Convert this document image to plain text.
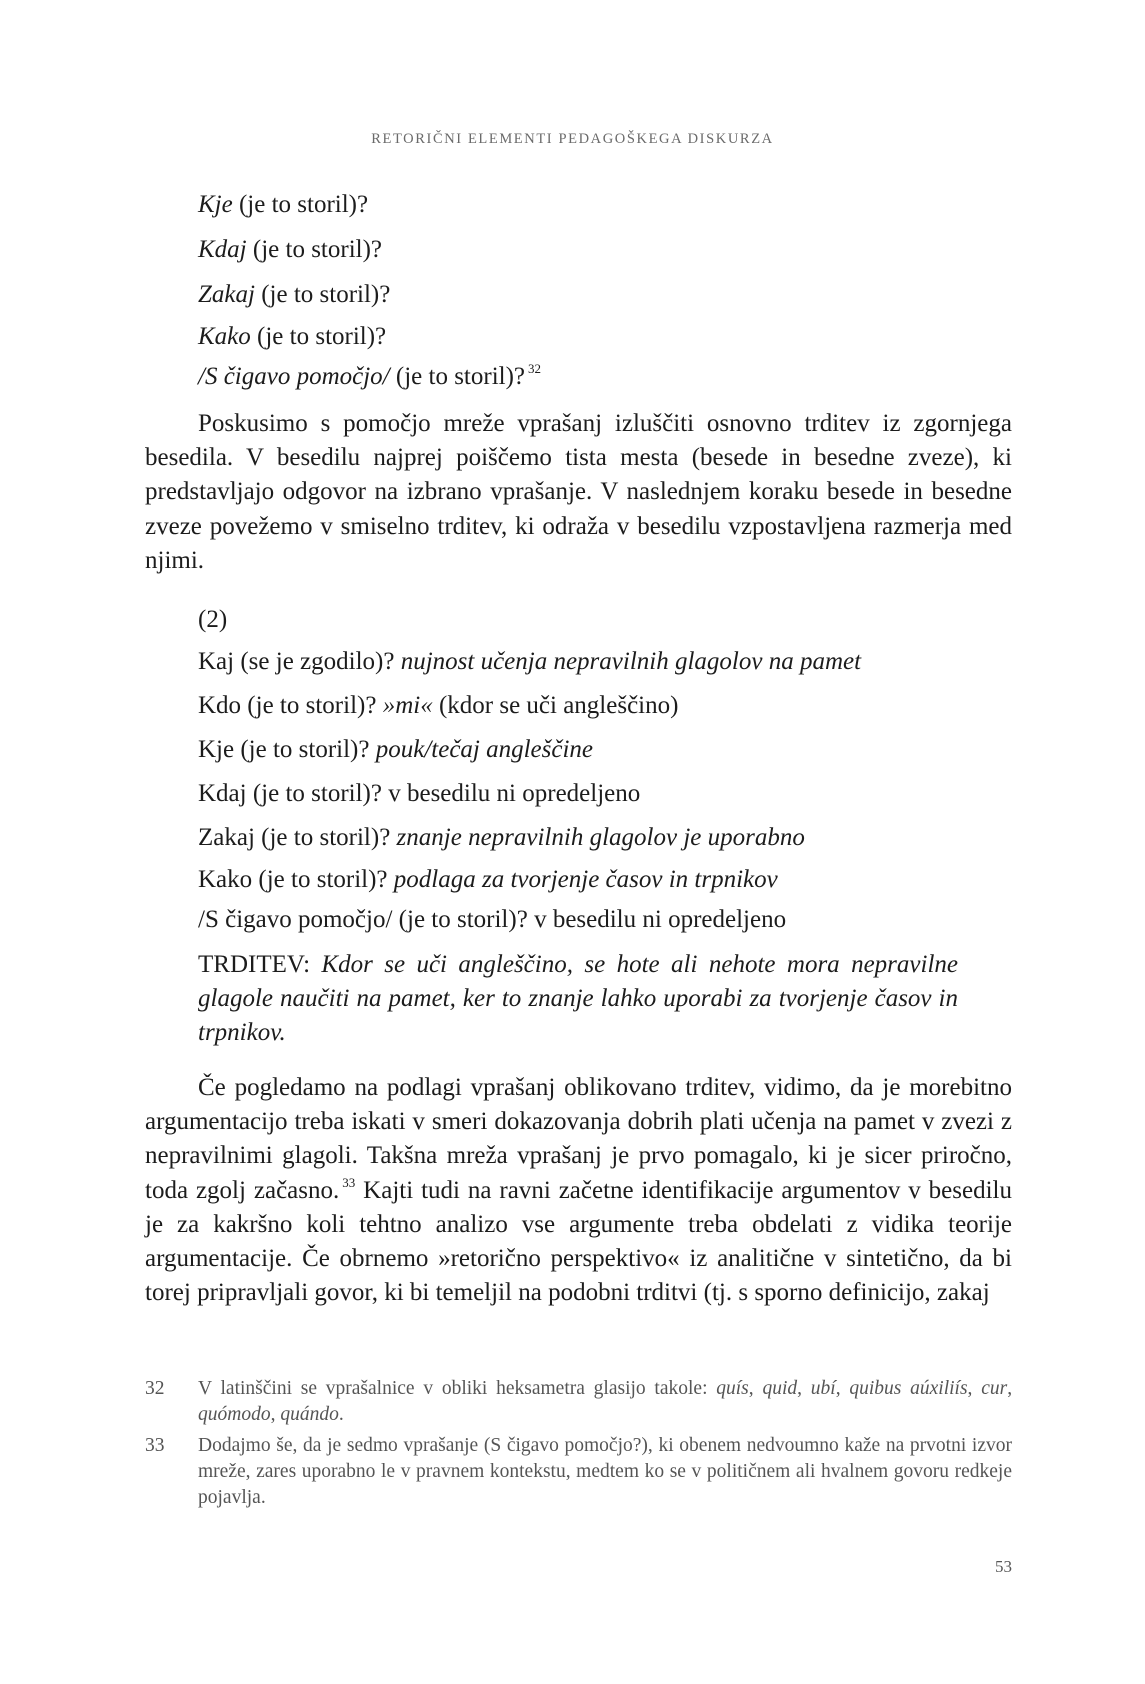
RETORIČNI ELEMENTI PEDAGOŠKEGA DISKURZA
Kje (je to storil)?
Kdaj (je to storil)?
Zakaj (je to storil)?
Kako (je to storil)?
/S čigavo pomočjo/ (je to storil)? $^{32}$

Poskusimo s pomočjo mreže vprašanj izluščiti osnovno trditev iz zgornjega besedila. V besedilu najprej poiščemo tista mesta (besede in besedne zveze), ki predstavljajo odgovor na izbrano vprašanje. V naslednjem koraku besede in besedne zveze povežemo v smiselno trditev, ki odraža v besedilu vzpostavljena razmerja med njimi.

(2)
Kaj (se je zgodilo)? nujnost učenja nepravilnih glagolov na pamet
Kdo (je to storil)? »mi« (kdor se uči angleščino)
Kje (je to storil)? pouk/tečaj angleščine
Kdaj (je to storil)? v besedilu ni opredeljeno
Zakaj (je to storil)? znanje nepravilnih glagolov je uporabno
Kako (je to storil)? podlaga za tvorjenje časov in trpnikov
/S čigavo pomočjo/ (je to storil)? v besedilu ni opredeljeno
TRDITEV: Kdor se uči angleščino, se hote ali nehote mora nepravilne glagole naučiti na pamet, ker to znanje lahko uporabi za tvorjenje časov in trpnikov.

Če pogledamo na podlagi vprašanj oblikovano trditev, vidimo, da je morebitno argumentacijo treba iskati v smeri dokazovanja dobrih plati učenja na pamet v zvezi z nepravilnimi glagoli. Takšna mreža vprašanj je prvo pomagalo, ki je sicer priročno, toda zgolj začasno. $^{33}$ Kajti tudi na ravni začetne identifikacije argumentov v besedilu je za kakršno koli tehtno analizo vse argumente treba obdelati z vidika teorije argumentacije. Če obrnemo »retorično perspektivo« iz analitične v sintetično, da bi torej pripravljali govor, ki bi temeljil na podobni trditvi (tj. s sporno definicijo, zakaj

32 V latinščini se vprašalnice v obliki heksametra glasijo takole: quís, quid, ubí, quibus aúxiliís, cur, quómodo, quándo.
33 Dodajmo še, da je sedmo vprašanje (S čigavo pomočjo?), ki obenem nedvoumno kaže na prvotni izvor mreže, zares uporabno le v pravnem kontekstu, medtem ko se v političnem ali hvalnem govoru redkeje pojavlja.
53
